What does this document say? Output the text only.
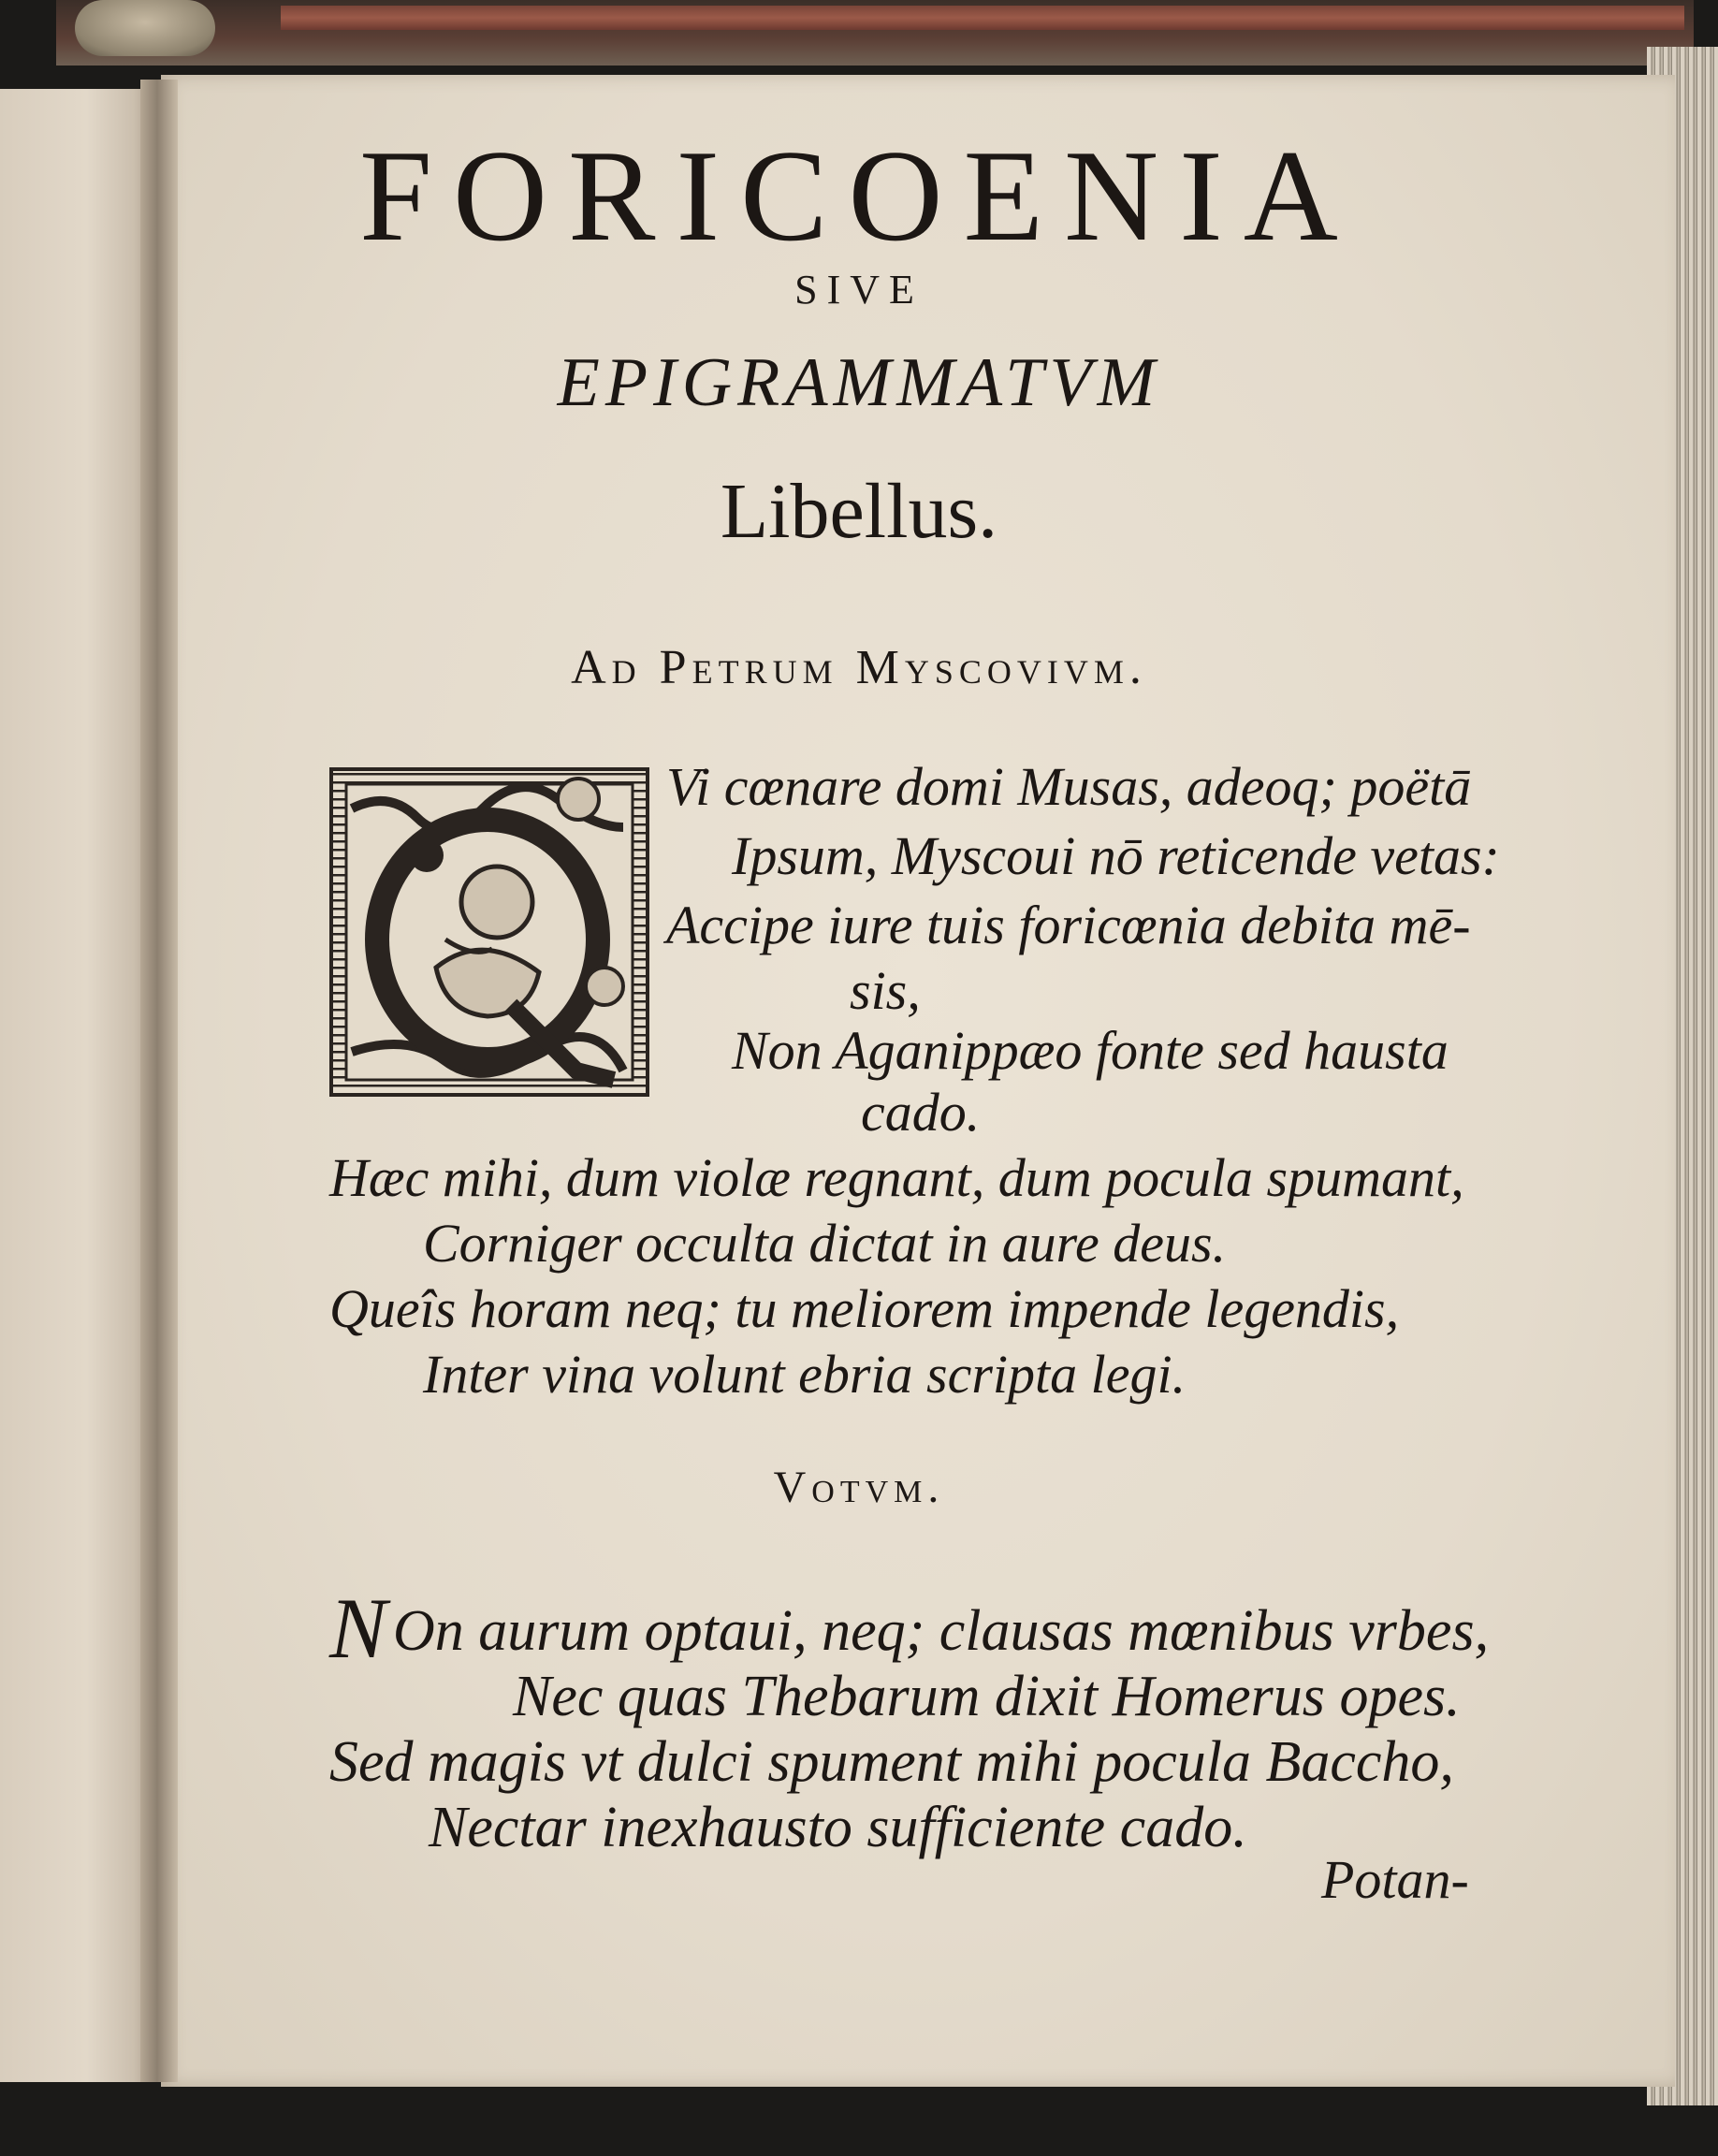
FORICOENIA
SIVE
EPIGRAMMATVM
Libellus.
Ad Petrum Myscovivm.
Vi cœnare domi Musas, adeoq; poëtā
Ipsum, Myscoui nō reticende vetas:
Accipe iure tuis foricœnia debita mē-
sis,
Non Aganippæo fonte sed hausta
cado.
Hæc mihi, dum violæ regnant, dum pocula spumant,
Corniger occulta dictat in aure deus.
Queîs horam neq; tu meliorem impende legendis,
Inter vina volunt ebria scripta legi.
Votvm.
N On aurum optaui, neq; clausas mœnibus vrbes,
Nec quas Thebarum dixit Homerus opes.
Sed magis vt dulci spument mihi pocula Baccho,
Nectar inexhausto sufficiente cado.
Potan-
